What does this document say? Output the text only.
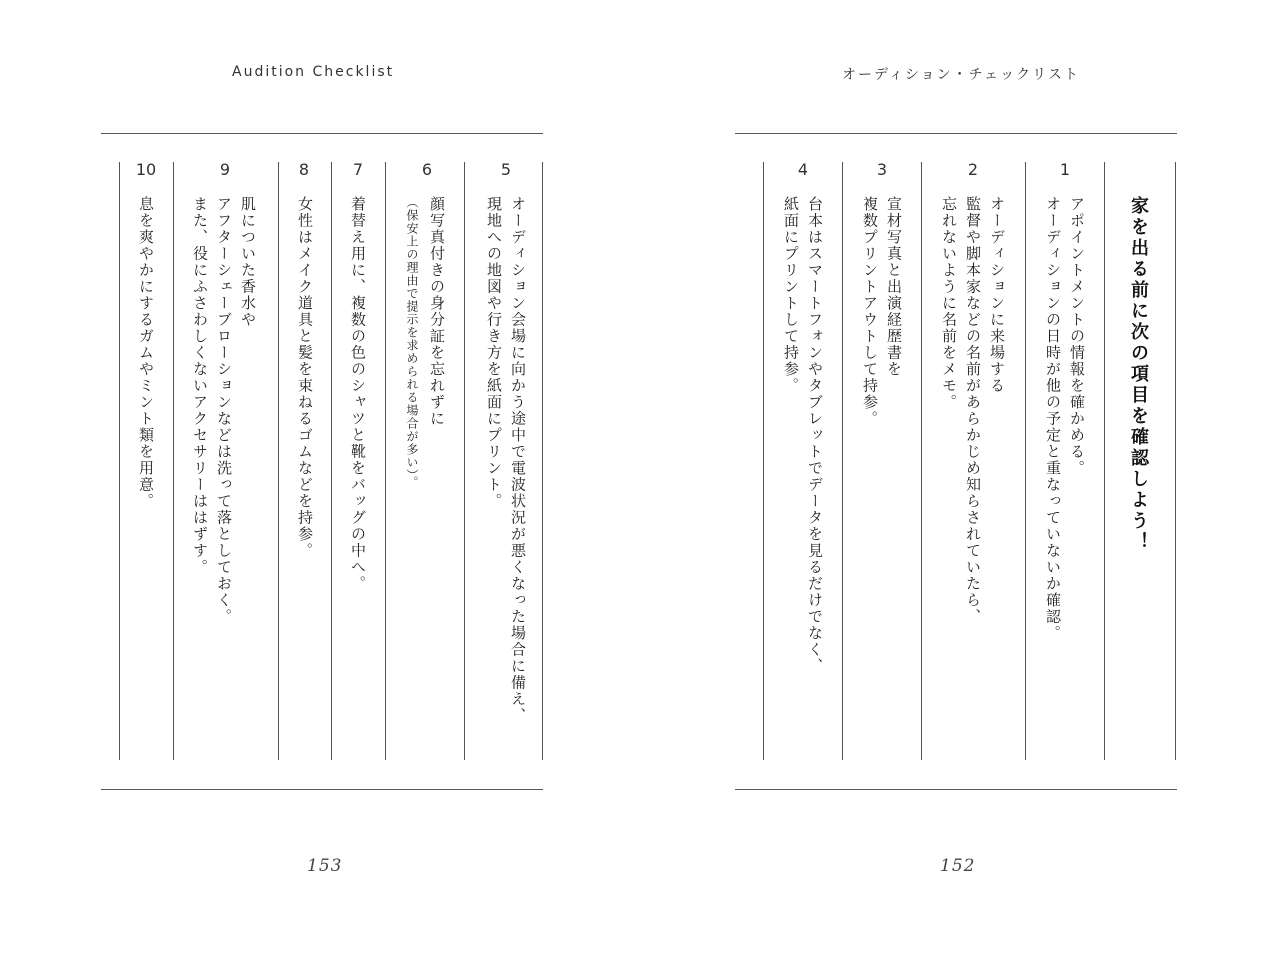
Audition Checklist
5
オーディション会場に向かう途中で電波状況が悪くなった場合に備え、
現地への地図や行き方を紙面にプリント。
6
顔写真付きの身分証を忘れずに
（保安上の理由で提示を求められる場合が多い）。
7
着替え用に、複数の色のシャツと靴をバッグの中へ。
8
女性はメイク道具と髪を束ねるゴムなどを持参。
9
肌についた香水や
アフターシェーブローションなどは洗って落としておく。
また、役にふさわしくないアクセサリーははずす。
10
息を爽やかにするガムやミント類を用意。
153
オーディション・チェックリスト
家を出る前に次の項目を確認しよう！
1
アポイントメントの情報を確かめる。
オーディションの日時が他の予定と重なっていないか確認。
2
オーディションに来場する
監督や脚本家などの名前があらかじめ知らされていたら、
忘れないように名前をメモ。
3
宣材写真と出演経歴書を
複数プリントアウトして持参。
4
台本はスマートフォンやタブレットでデータを見るだけでなく、
紙面にプリントして持参。
152
